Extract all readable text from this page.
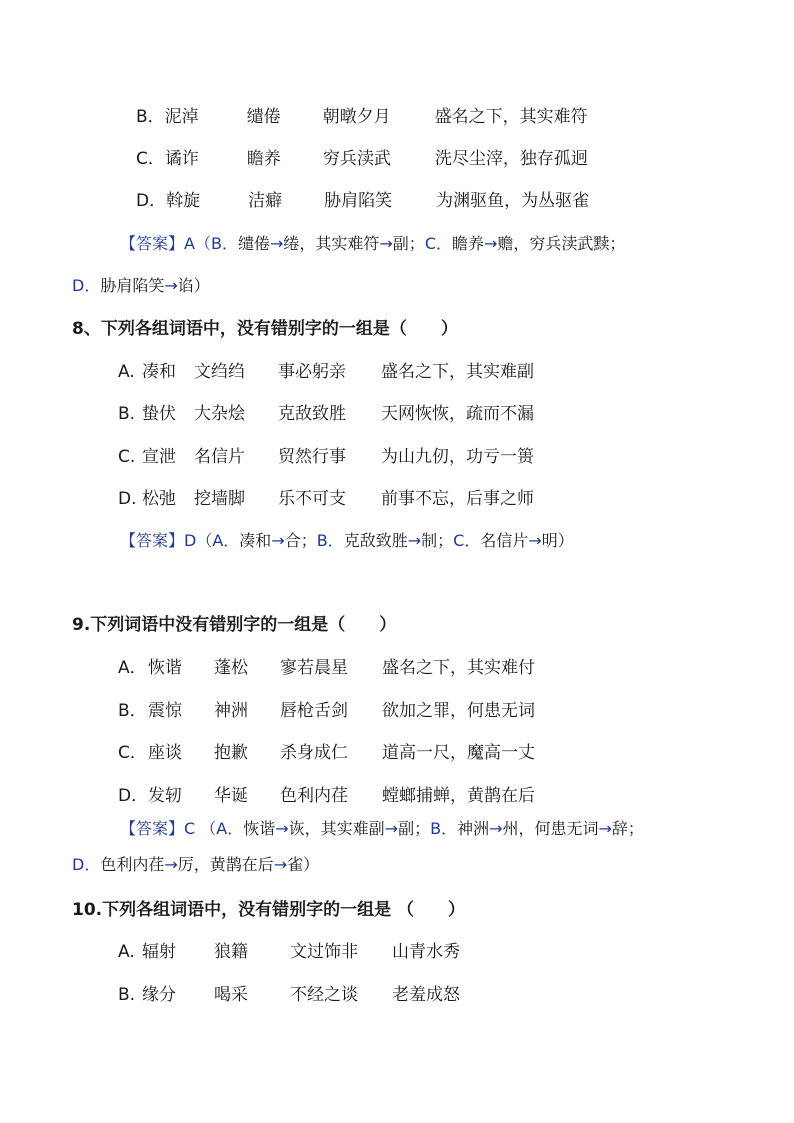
B．泥淖	缱倦 朝暾夕月	盛名之下，其实难符
C．谲诈	瞻养 穷兵渎武	洗尽尘滓，独存孤迥
D．斡旋	洁癖 胁肩陷笑	为渊驱鱼，为丛驱雀
【答案】A（B．缱倦→绻，其实难符→副；C．瞻养→赡，穷兵渎武黩；
D．胁肩陷笑→谄）
8、下列各组词语中，没有错别字的一组是（　　）
A. 凑和 文绉绉 事必躬亲 盛名之下，其实难副
B. 蛰伏 大杂烩 克敌致胜 天网恢恢，疏而不漏
C. 宣泄 名信片 贸然行事 为山九仞，功亏一篑
D. 松弛 挖墙脚 乐不可支 前事不忘，后事之师
【答案】D（A．凑和→合；B．克敌致胜→制；C．名信片→明）
9.下列词语中没有错别字的一组是（　　）
A．恢谐 蓬松 寥若晨星 盛名之下，其实难付
B．震惊 神洲 唇枪舌剑 欲加之罪，何患无词
C．座谈 抱歉 杀身成仁 道高一尺，魔高一丈
D．发轫 华诞 色利内荏 螳螂捕蝉，黄鹊在后
【答案】C （A．恢谐→诙，其实难副→副；B．神洲→州，何患无词→辞；
D．色利内荏→厉，黄鹊在后→雀）
10.下列各组词语中，没有错别字的一组是 （　　）
A. 辐射 狼籍 文过饰非 山青水秀
B. 缘分 喝采 不经之谈 老羞成怒
